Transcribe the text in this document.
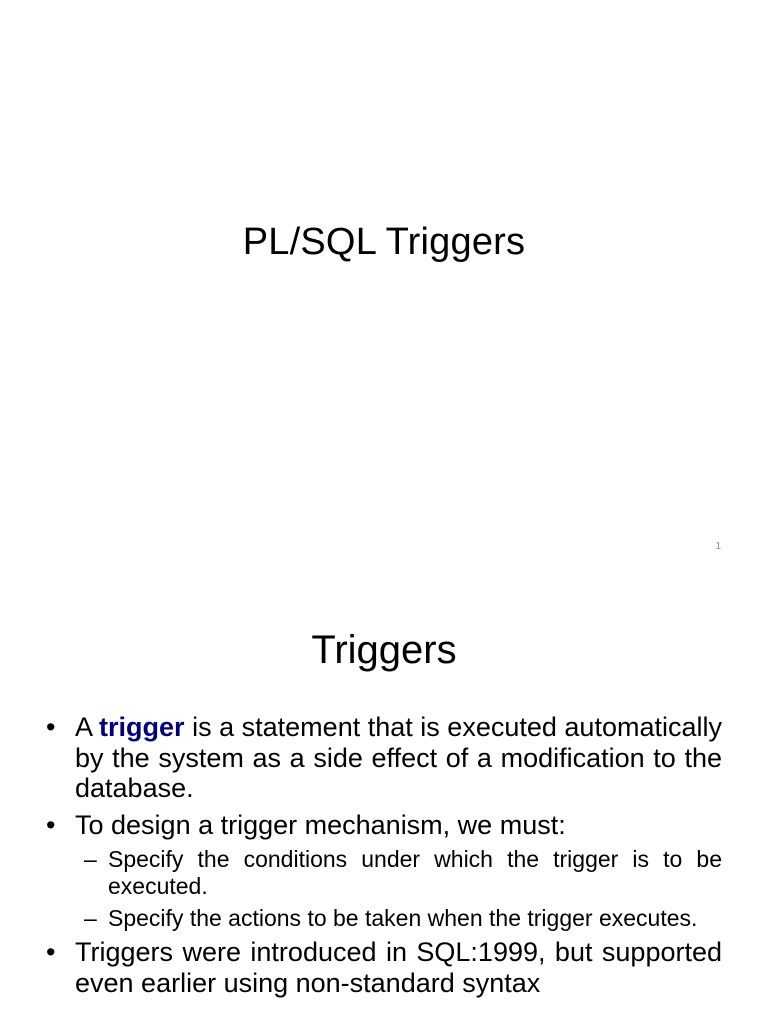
PL/SQL Triggers
1
Triggers
• A trigger is a statement that is executed automatically by the system as a side effect of a modification to the database.
• To design a trigger mechanism, we must:
– Specify the conditions under which the trigger is to be executed.
– Specify the actions to be taken when the trigger executes.
• Triggers were introduced in SQL:1999, but supported even earlier using non-standard syntax
